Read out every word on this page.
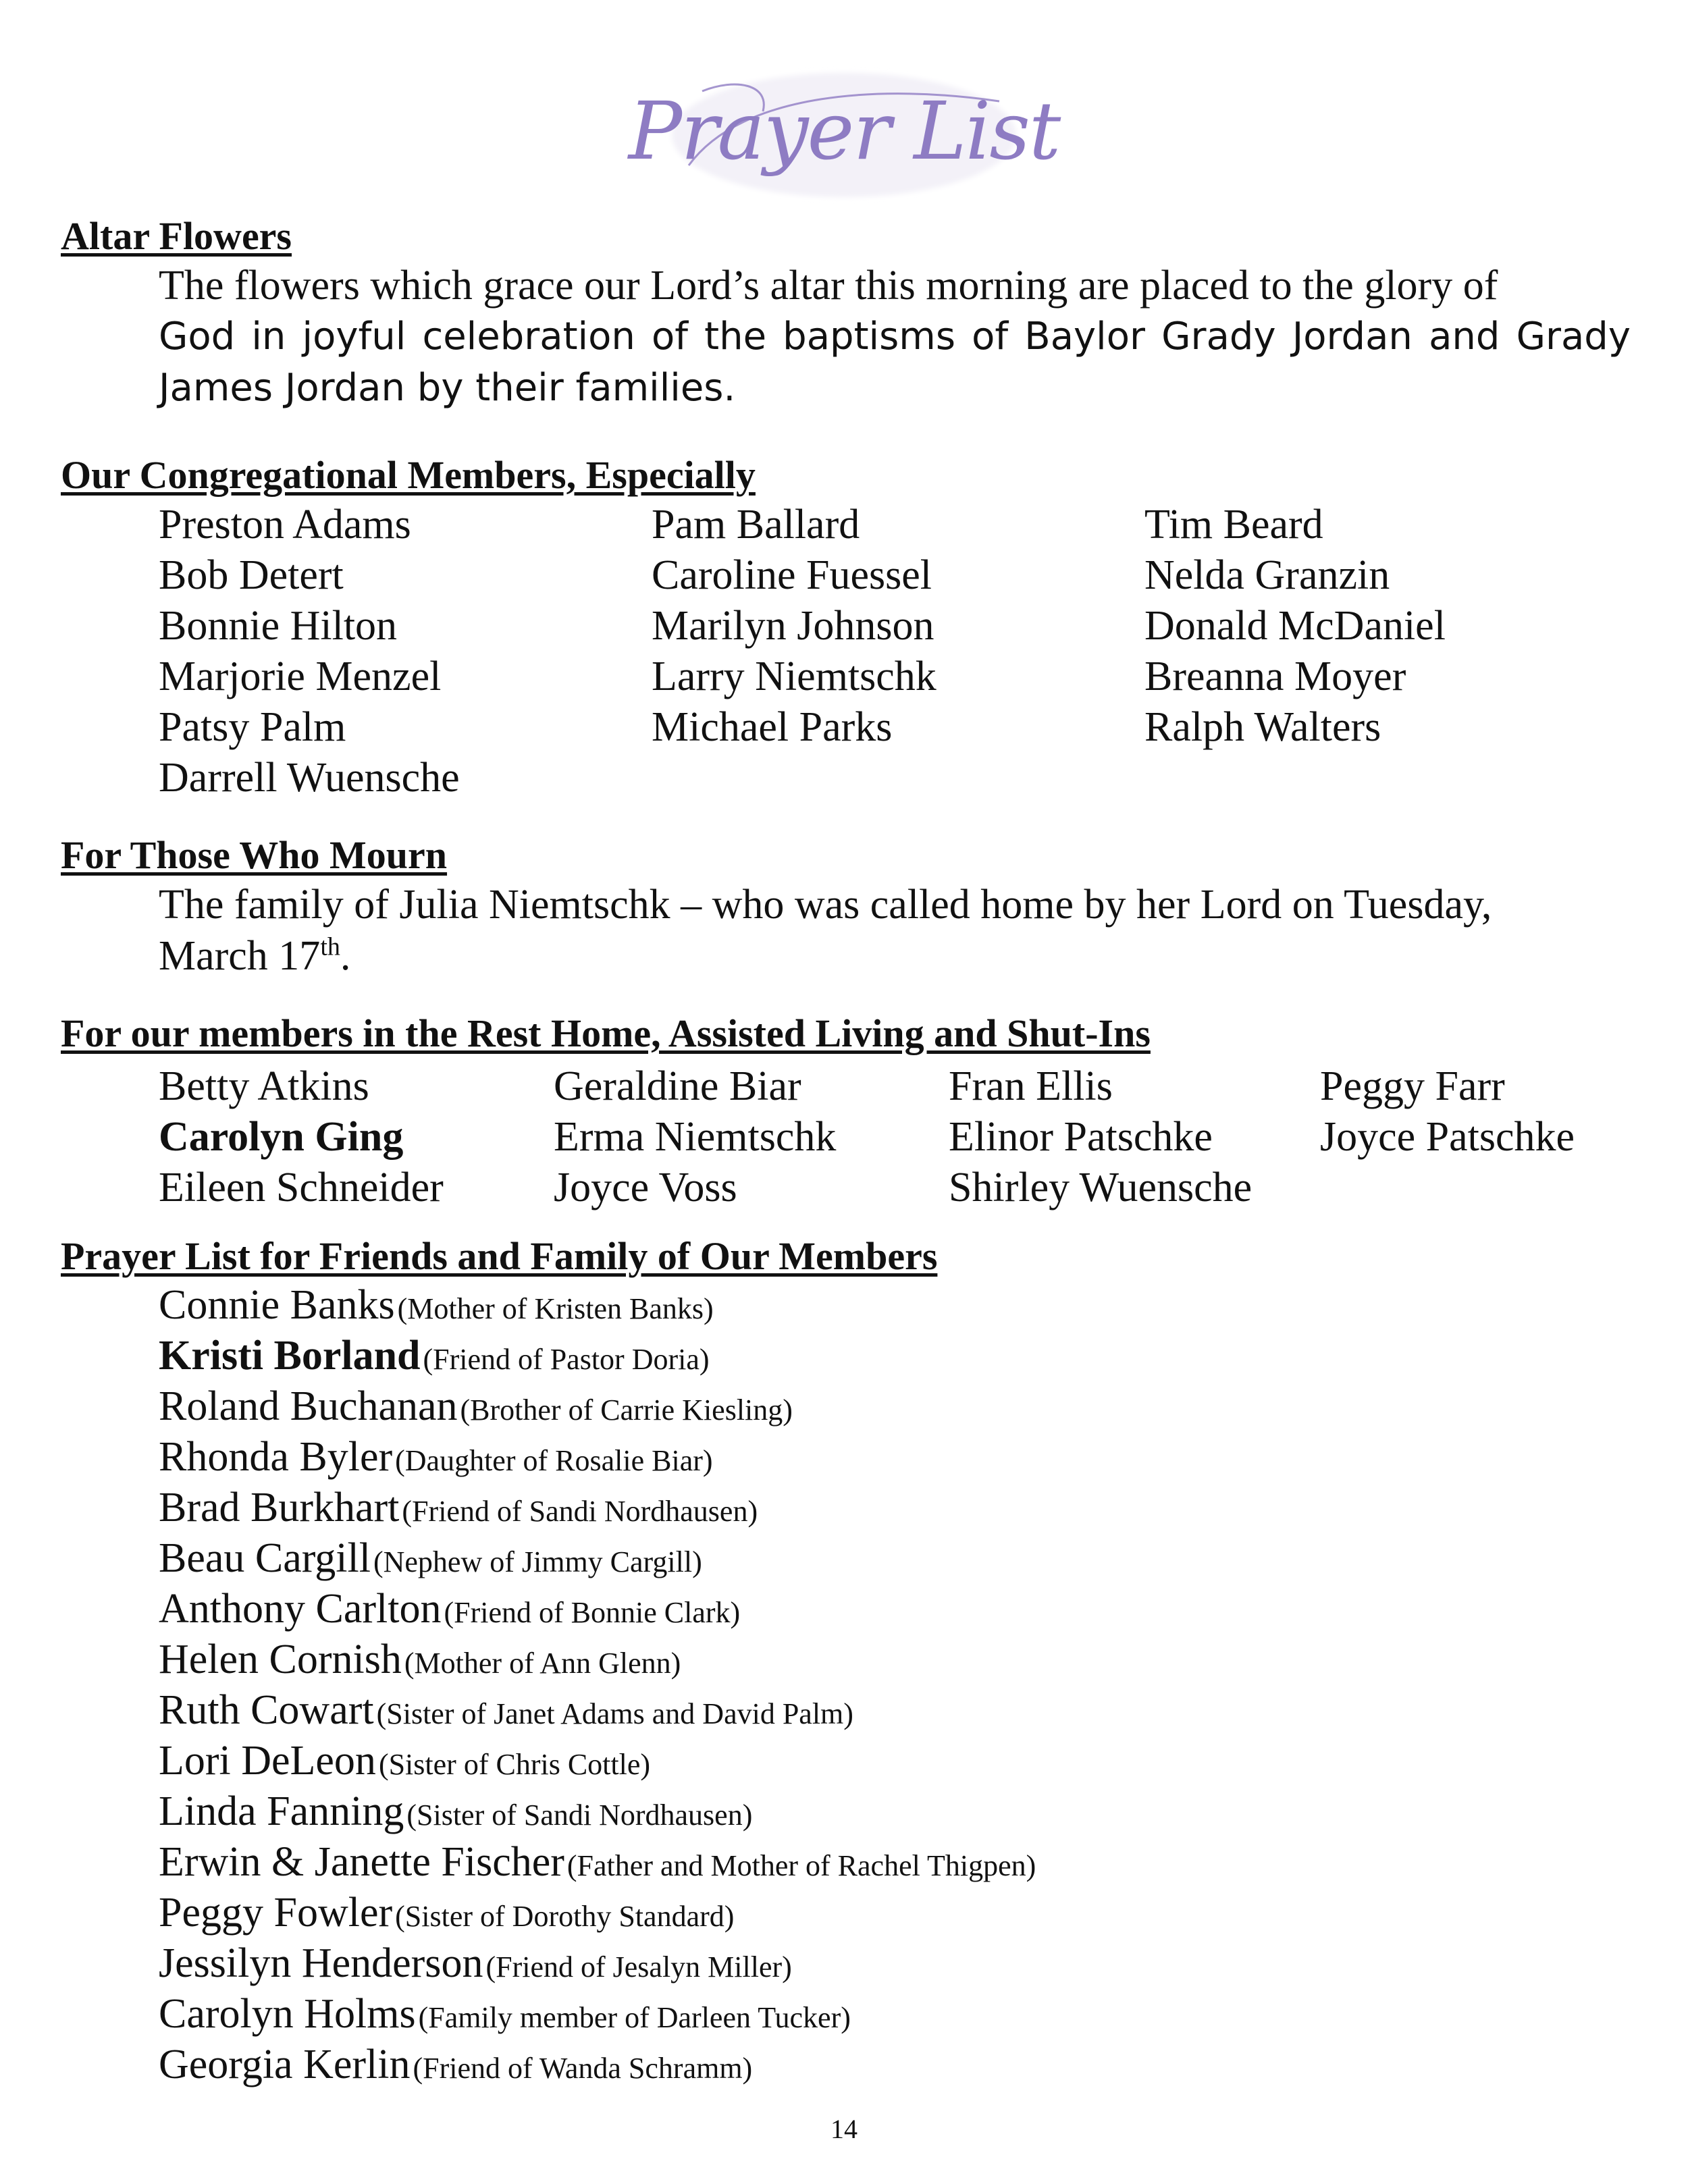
Prayer List
Altar Flowers
The flowers which grace our Lord’s altar this morning are placed to the glory of
God in joyful celebration of the baptisms of Baylor Grady Jordan and Grady James Jordan by their families.
Our Congregational Members, Especially
Preston Adams	Pam Ballard	Tim Beard
Bob Detert	Caroline Fuessel	Nelda Granzin
Bonnie Hilton	Marilyn Johnson	Donald McDaniel
Marjorie Menzel	Larry Niemtschk	Breanna Moyer
Patsy Palm	Michael Parks	Ralph Walters
Darrell Wuensche
For Those Who Mourn
The family of Julia Niemtschk – who was called home by her Lord on Tuesday, March 17th.
For our members in the Rest Home, Assisted Living and Shut-Ins
Betty Atkins	Geraldine Biar	Fran Ellis	Peggy Farr
Carolyn Ging	Erma Niemtschk	Elinor Patschke	Joyce Patschke
Eileen Schneider	Joyce Voss	Shirley Wuensche
Prayer List for Friends and Family of Our Members
Connie Banks (Mother of Kristen Banks)
Kristi Borland (Friend of Pastor Doria)
Roland Buchanan (Brother of Carrie Kiesling)
Rhonda Byler (Daughter of Rosalie Biar)
Brad Burkhart (Friend of Sandi Nordhausen)
Beau Cargill (Nephew of Jimmy Cargill)
Anthony Carlton (Friend of Bonnie Clark)
Helen Cornish (Mother of Ann Glenn)
Ruth Cowart (Sister of Janet Adams and David Palm)
Lori DeLeon (Sister of Chris Cottle)
Linda Fanning (Sister of Sandi Nordhausen)
Erwin & Janette Fischer (Father and Mother of Rachel Thigpen)
Peggy Fowler (Sister of Dorothy Standard)
Jessilyn Henderson (Friend of Jesalyn Miller)
Carolyn Holms (Family member of Darleen Tucker)
Georgia Kerlin (Friend of Wanda Schramm)
14
